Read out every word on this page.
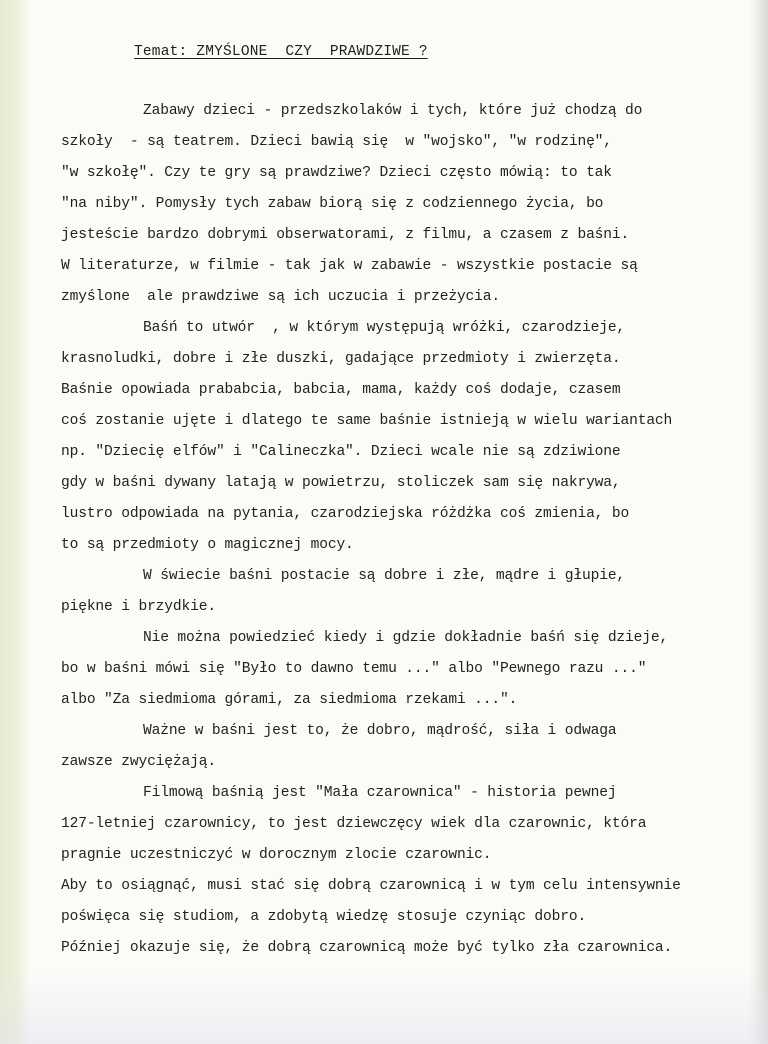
Temat: ZMYŚLONE  CZY  PRAWDZIWE ?
Zabawy dzieci - przedszkolaków i tych, które już chodzą do
szkoły  - są teatrem. Dzieci bawią się  w "wojsko", "w rodzinę",
"w szkołę". Czy te gry są prawdziwe? Dzieci często mówią: to tak
"na niby". Pomysły tych zabaw biorą się z codziennego życia, bo
jesteście bardzo dobrymi obserwatorami, z filmu, a czasem z baśni.
W literaturze, w filmie - tak jak w zabawie - wszystkie postacie są
zmyślone  ale prawdziwe są ich uczucia i przeżycia.
Baśń to utwór  , w którym występują wróżki, czarodzieje,
krasnoludki, dobre i złe duszki, gadające przedmioty i zwierzęta.
Baśnie opowiada prababcia, babcia, mama, każdy coś dodaje, czasem
coś zostanie ujęte i dlatego te same baśnie istnieją w wielu wariantach
np. "Dziecię elfów" i "Calineczka". Dzieci wcale nie są zdziwione
gdy w baśni dywany latają w powietrzu, stoliczek sam się nakrywa,
lustro odpowiada na pytania, czarodziejska różdżka coś zmienia, bo
to są przedmioty o magicznej mocy.
W świecie baśni postacie są dobre i złe, mądre i głupie,
piękne i brzydkie.
Nie można powiedzieć kiedy i gdzie dokładnie baśń się dzieje,
bo w baśni mówi się "Było to dawno temu ..." albo "Pewnego razu ..."
albo "Za siedmioma górami, za siedmioma rzekami ...".
Ważne w baśni jest to, że dobro, mądrość, siła i odwaga
zawsze zwyciężają.
Filmową baśnią jest "Mała czarownica" - historia pewnej
127-letniej czarownicy, to jest dziewczęcy wiek dla czarownic, która
pragnie uczestniczyć w dorocznym zlocie czarownic.
Aby to osiągnąć, musi stać się dobrą czarownicą i w tym celu intensywnie
poświęca się studiom, a zdobytą wiedzę stosuje czyniąc dobro.
Później okazuje się, że dobrą czarownicą może być tylko zła czarownica.
